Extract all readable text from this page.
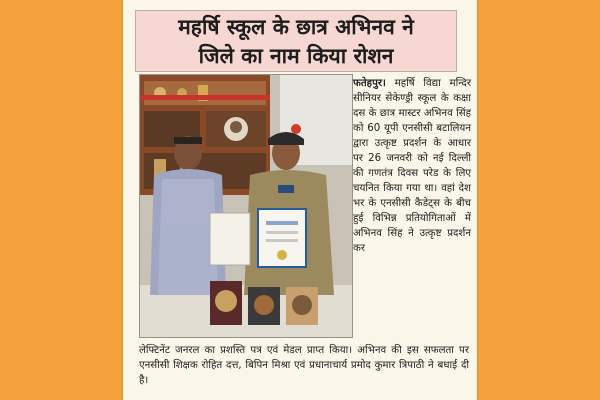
महर्षि स्कूल के छात्र अभिनव ने
जिले का नाम किया रोशन
फतेहपुर। महर्षि विद्या मन्दिर सीनियर सेकेण्ड्री स्कूल के कक्षा दस के छात्र मास्टर अभिनव सिंह को 60 यूपी एनसीसी बटालियन द्वारा उत्कृष्ट प्रदर्शन के आधार पर 26 जनवरी को नई दिल्ली की गणतंत्र दिवस परेड के लिए चयनित किया गया था। वहां देश भर के एनसीसी कैडेट्स के बीच हुई विभिन्न प्रतियोगिताओं में अभिनव सिंह ने उत्कृष्ट प्रदर्शन कर
लेफ्टिनेंट जनरल का प्रशस्ति पत्र एवं मेडल प्राप्त किया। अभिनव की इस सफलता पर एनसीसी शिक्षक रोहित दत्त, बिपिन मिश्रा एवं प्रधानाचार्य प्रमोद कुमार त्रिपाठी ने बधाई दी है।
